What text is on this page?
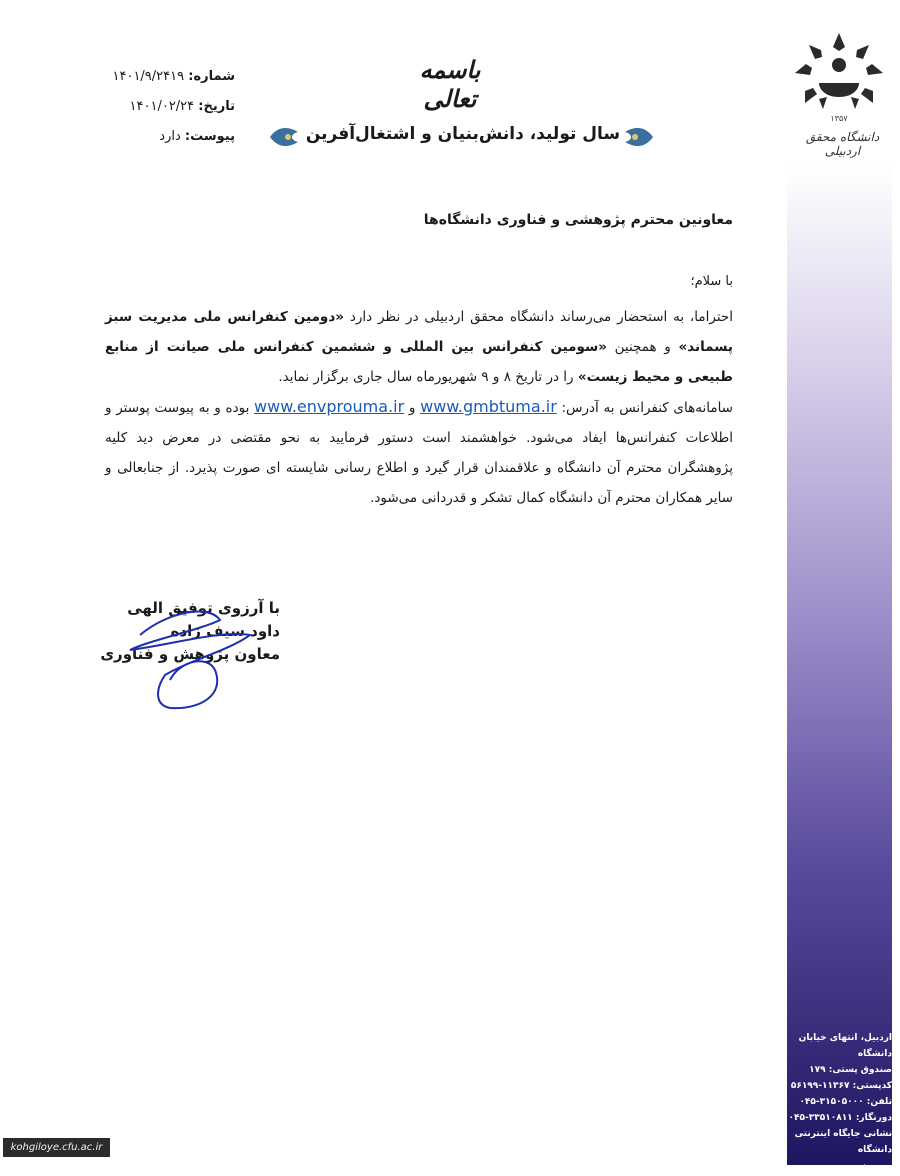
۱۳۵۷
دانشگاه محقق اردبیلی
باسمه تعالی
شماره: ۱۴۰۱/۹/۲۴۱۹
تاریخ: ۱۴۰۱/۰۲/۲۴
پیوست: دارد	سال تولید، دانش‌بنیان و اشتغال‌آفرین
معاونین محترم پژوهشی و فناوری دانشگاه‌ها
با سلام؛
احتراما، به استحضار می‌رساند دانشگاه محقق اردبیلی در نظر دارد «دومین کنفرانس ملی مدیریت سبز پسماند» و همچنین «سومین کنفرانس بین المللی و ششمین کنفرانس ملی صیانت از منابع طبیعی و محیط زیست» را در تاریخ ۸ و ۹ شهریورماه سال جاری برگزار نماید.
سامانه‌های کنفرانس به آدرس: www.gmbtuma.ir و www.envprouma.ir بوده و به پیوست پوستر و اطلاعات کنفرانس‌ها ایفاد می‌شود. خواهشمند است دستور فرمایید به نحو مقتضی در معرض دید کلیه پژوهشگران محترم آن دانشگاه و علاقمندان قرار گیرد و اطلاع رسانی شایسته ای صورت پذیرد. از جنابعالی و سایر همکاران محترم آن دانشگاه کمال تشکر و قدردانی می‌شود.
با آرزوی توفیق الهی
داود سیف زاده
معاون پژوهش و فناوری
اردبیل، انتهای خیابان دانشگاه
صندوق پستی: ۱۷۹
کدپستی: ۱۱۳۶۷-۵۶۱۹۹
تلفن: ۳۱۵۰۵۰۰۰-۰۴۵
دورنگار: ۳۳۵۱۰۸۱۱-۰۴۵
نشانی جایگاه اینترنتی دانشگاه
www.uma.ac.ir
kohgiloye.cfu.ac.ir
